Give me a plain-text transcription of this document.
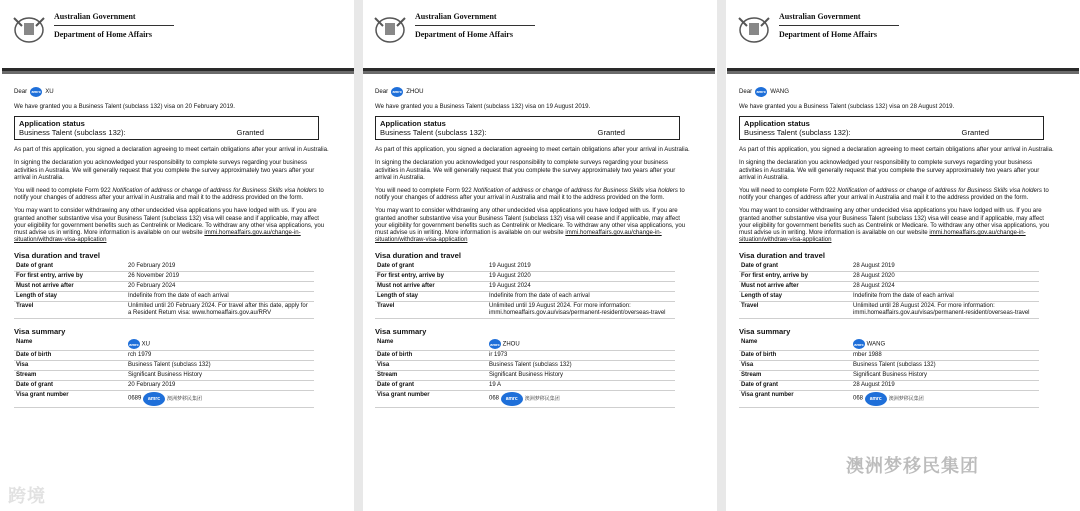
Australian Government
Department of Home Affairs
Dear	amrc XU
We have granted you a Business Talent (subclass 132) visa on 20 February 2019.
Application status
Business Talent (subclass 132):	Granted
As part of this application, you signed a declaration agreeing to meet certain obligations after your arrival in Australia.
In signing the declaration you acknowledged your responsibility to complete surveys regarding your business activities in Australia. We will generally request that you complete the survey approximately two years after your arrival in Australia.
You will need to complete Form 922 Notification of address or change of address for Business Skills visa holders to notify your changes of address after your arrival in Australia and mail it to the address provided on the form.
You may want to consider withdrawing any other undecided visa applications you have lodged with us. If you are granted another substantive visa your Business Talent (subclass 132) visa will cease and if applicable, may affect your eligibility for government benefits such as Centrelink or Medicare. To withdraw any other visa applications, you must advise us in writing. More information is available on our website immi.homeaffairs.gov.au/change-in-situation/withdraw-visa-application
Visa duration and travel
Date of grant	20 February 2019
For first entry, arrive by	26 November 2019
Must not arrive after	20 February 2024
Length of stay	Indefinite from the date of each arrival
Travel	Unlimited until 20 February 2024. For travel after this date, apply for a Resident Return visa: www.homeaffairs.gov.au/RRV
Visa summary
Name	amrc XU
Date of birth	rch 1979
Visa	Business Talent (subclass 132)
Stream	Significant Business History
Date of grant	20 February 2019
Visa grant number	0689 amrc 澳洲梦移民集团
Australian Government
Department of Home Affairs
Dear	amrc ZHOU
We have granted you a Business Talent (subclass 132) visa on 19 August 2019.
Application status
Business Talent (subclass 132):	Granted
As part of this application, you signed a declaration agreeing to meet certain obligations after your arrival in Australia.
In signing the declaration you acknowledged your responsibility to complete surveys regarding your business activities in Australia. We will generally request that you complete the survey approximately two years after your arrival in Australia.
You will need to complete Form 922 Notification of address or change of address for Business Skills visa holders to notify your changes of address after your arrival in Australia and mail it to the address provided on the form.
You may want to consider withdrawing any other undecided visa applications you have lodged with us. If you are granted another substantive visa your Business Talent (subclass 132) visa will cease and if applicable, may affect your eligibility for government benefits such as Centrelink or Medicare. To withdraw any other visa applications, you must advise us in writing. More information is available on our website immi.homeaffairs.gov.au/change-in-situation/withdraw-visa-application
Visa duration and travel
Date of grant	19 August 2019
For first entry, arrive by	19 August 2020
Must not arrive after	19 August 2024
Length of stay	Indefinite from the date of each arrival
Travel	Unlimited until 19 August 2024. For more information: immi.homeaffairs.gov.au/visas/permanent-resident/overseas-travel
Visa summary
Name	amrc ZHOU
Date of birth	ir 1973
Visa	Business Talent (subclass 132)
Stream	Significant Business History
Date of grant	19 A
Visa grant number	068 amrc 澳洲梦移民集团
Australian Government
Department of Home Affairs
Dear	amrc WANG
We have granted you a Business Talent (subclass 132) visa on 28 August 2019.
Application status
Business Talent (subclass 132):	Granted
As part of this application, you signed a declaration agreeing to meet certain obligations after your arrival in Australia.
In signing the declaration you acknowledged your responsibility to complete surveys regarding your business activities in Australia. We will generally request that you complete the survey approximately two years after your arrival in Australia.
You will need to complete Form 922 Notification of address or change of address for Business Skills visa holders to notify your changes of address after your arrival in Australia and mail it to the address provided on the form.
You may want to consider withdrawing any other undecided visa applications you have lodged with us. If you are granted another substantive visa your Business Talent (subclass 132) visa will cease and if applicable, may affect your eligibility for government benefits such as Centrelink or Medicare. To withdraw any other visa applications, you must advise us in writing. More information is available on our website immi.homeaffairs.gov.au/change-in-situation/withdraw-visa-application
Visa duration and travel
Date of grant	28 August 2019
For first entry, arrive by	28 August 2020
Must not arrive after	28 August 2024
Length of stay	Indefinite from the date of each arrival
Travel	Unlimited until 28 August 2024. For more information: immi.homeaffairs.gov.au/visas/permanent-resident/overseas-travel
Visa summary
Name	amrc WANG
Date of birth	mber 1988
Visa	Business Talent (subclass 132)
Stream	Significant Business History
Date of grant	28 August 2019
Visa grant number	068 amrc 澳洲梦移民集团
跨境
澳洲梦移民集团
